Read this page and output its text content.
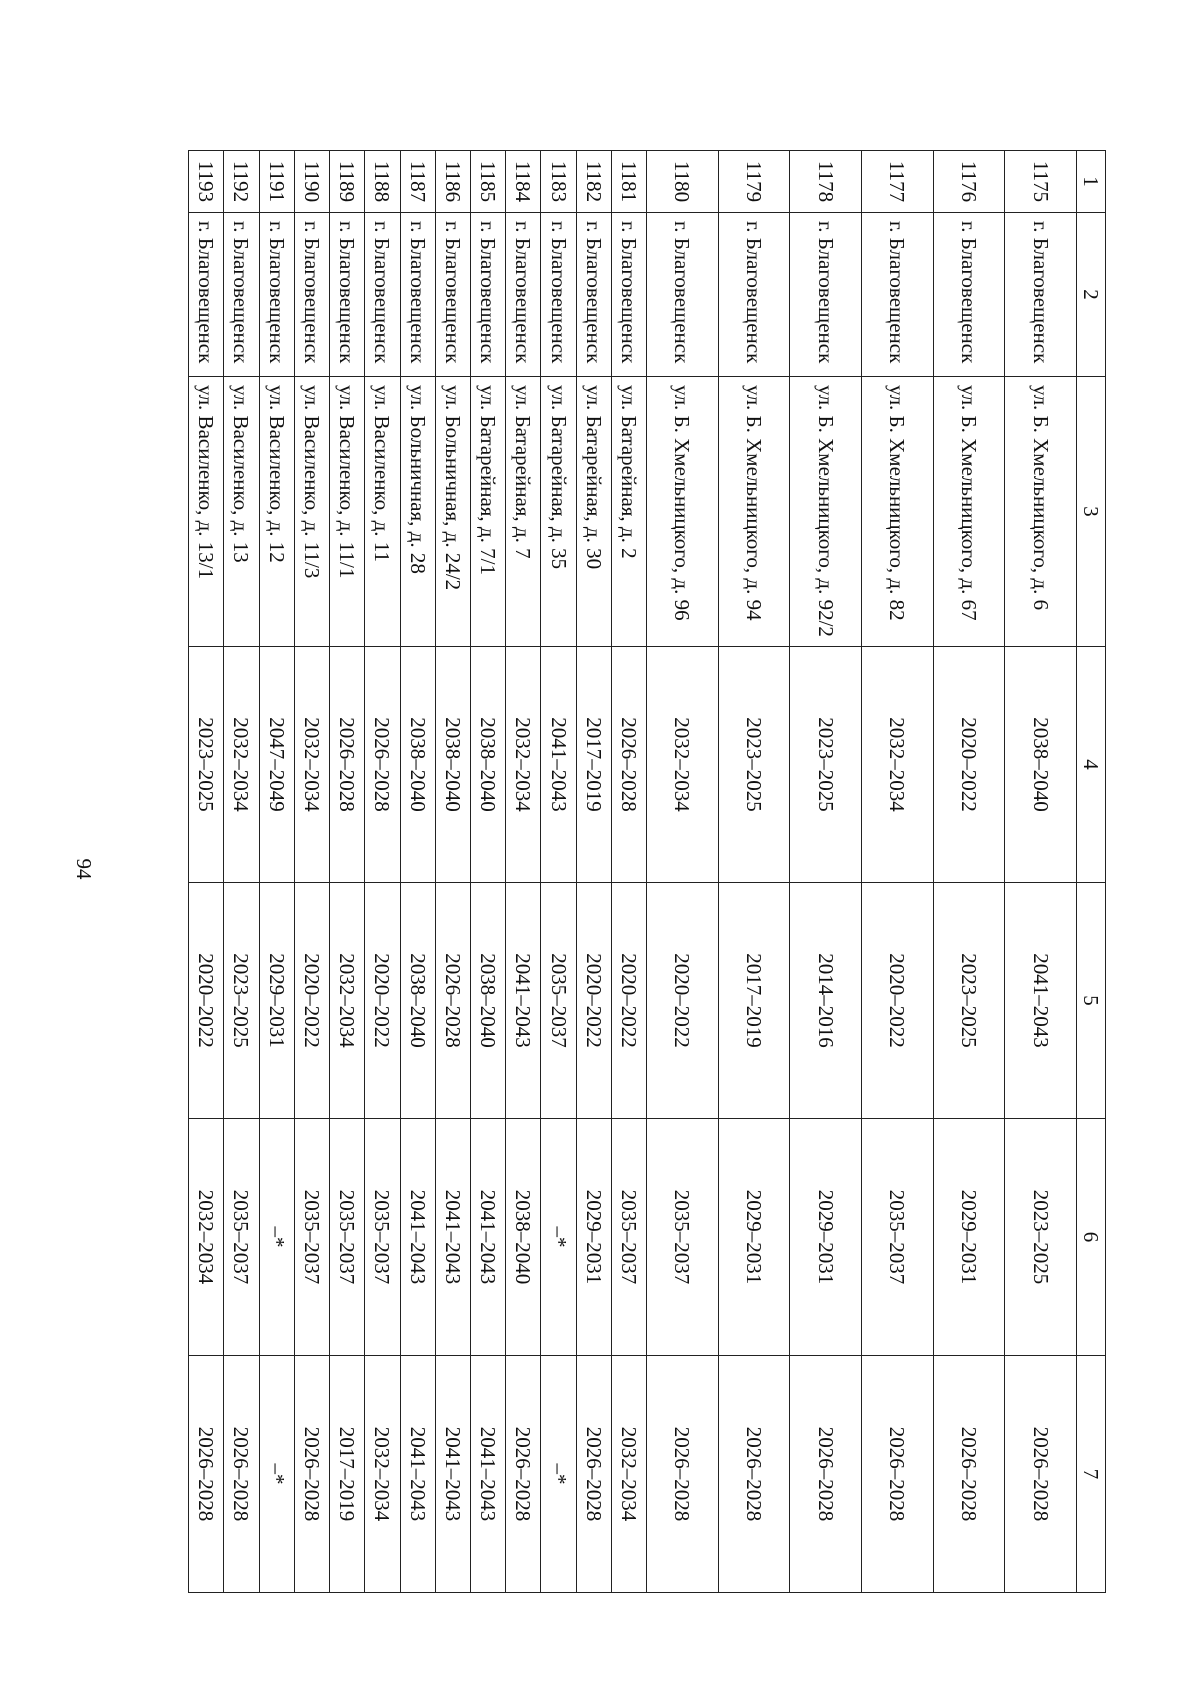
94
1	2	3	4	5	6	7
1175	г. Благовещенск	ул. Б. Хмельницкого, д. 6	2038–2040	2041–2043	2023–2025	2026–2028
1176	г. Благовещенск	ул. Б. Хмельницкого, д. 67	2020–2022	2023–2025	2029–2031	2026–2028
1177	г. Благовещенск	ул. Б. Хмельницкого, д. 82	2032–2034	2020–2022	2035–2037	2026–2028
1178	г. Благовещенск	ул. Б. Хмельницкого, д. 92/2	2023–2025	2014–2016	2029–2031	2026–2028
1179	г. Благовещенск	ул. Б. Хмельницкого, д. 94	2023–2025	2017–2019	2029–2031	2026–2028
1180	г. Благовещенск	ул. Б. Хмельницкого, д. 96	2032–2034	2020–2022	2035–2037	2026–2028
1181	г. Благовещенск	ул. Батарейная, д. 2	2026–2028	2020–2022	2035–2037	2032–2034
1182	г. Благовещенск	ул. Батарейная, д. 30	2017–2019	2020–2022	2029–2031	2026–2028
1183	г. Благовещенск	ул. Батарейная, д. 35	2041–2043	2035–2037	–*	–*
1184	г. Благовещенск	ул. Батарейная, д. 7	2032–2034	2041–2043	2038–2040	2026–2028
1185	г. Благовещенск	ул. Батарейная, д. 7/1	2038–2040	2038–2040	2041–2043	2041–2043
1186	г. Благовещенск	ул. Больничная, д. 24/2	2038–2040	2026–2028	2041–2043	2041–2043
1187	г. Благовещенск	ул. Больничная, д. 28	2038–2040	2038–2040	2041–2043	2041–2043
1188	г. Благовещенск	ул. Василенко, д. 11	2026–2028	2020–2022	2035–2037	2032–2034
1189	г. Благовещенск	ул. Василенко, д. 11/1	2026–2028	2032–2034	2035–2037	2017–2019
1190	г. Благовещенск	ул. Василенко, д. 11/3	2032–2034	2020–2022	2035–2037	2026–2028
1191	г. Благовещенск	ул. Василенко, д. 12	2047–2049	2029–2031	–*	–*
1192	г. Благовещенск	ул. Василенко, д. 13	2032–2034	2023–2025	2035–2037	2026–2028
1193	г. Благовещенск	ул. Василенко, д. 13/1	2023–2025	2020–2022	2032–2034	2026–2028
